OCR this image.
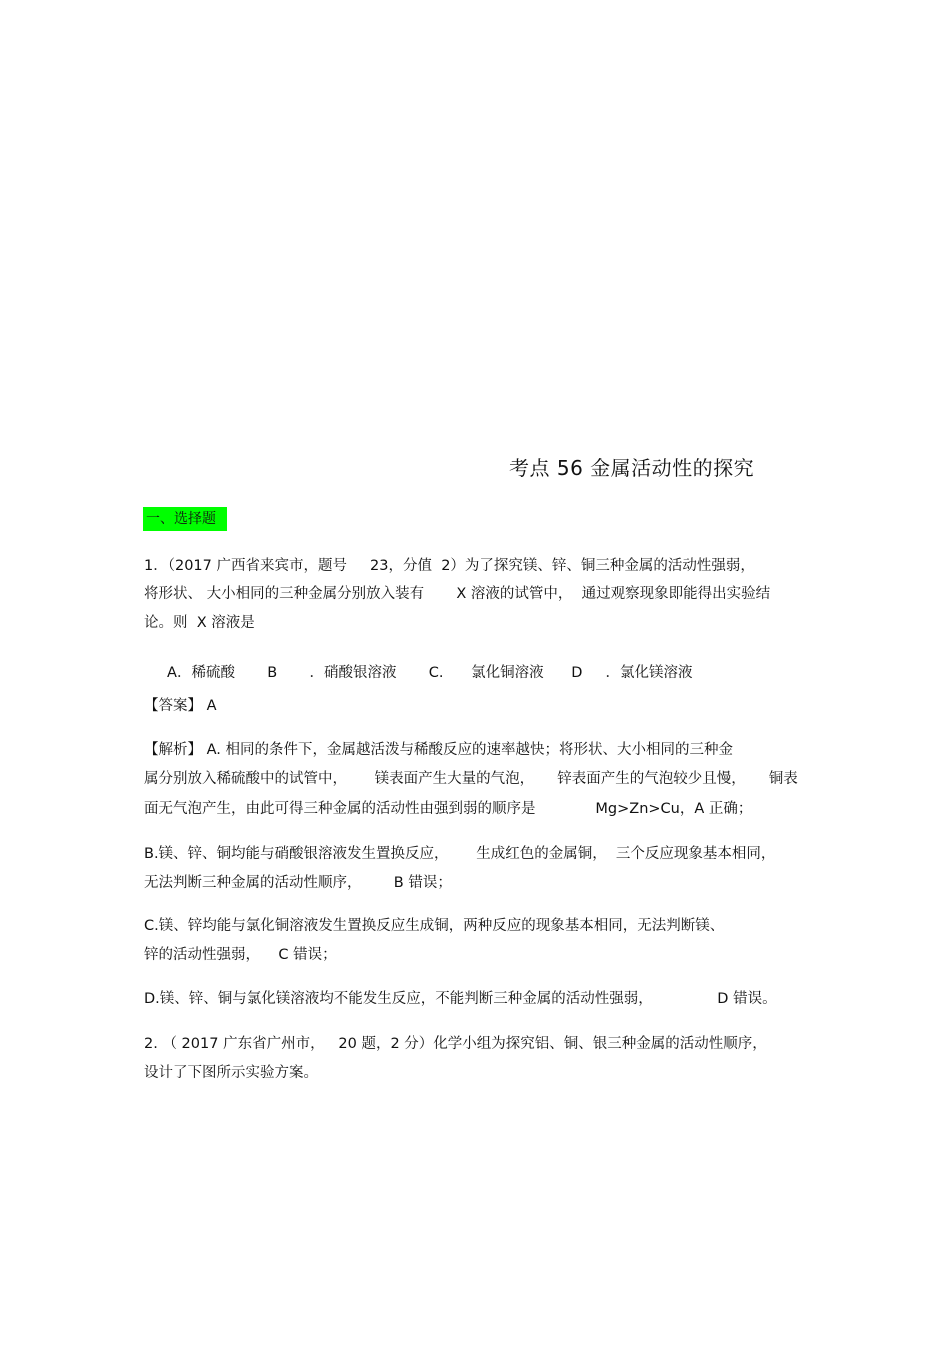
考点 56 金属活动性的探究
一、选择题
1．（2017 广西省来宾市，题号     23，分值  2）为了探究镁、锌、铜三种金属的活动性强弱，
将形状、 大小相同的三种金属分别放入装有       X 溶液的试管中，  通过观察现象即能得出实验结
论。则  X 溶液是
A．稀硫酸       B       ．硝酸银溶液       C.      氯化铜溶液      D     ．氯化镁溶液
【答案】 A
【解析】 A. 相同的条件下，金属越活泼与稀酸反应的速率越快；将形状、大小相同的三种金
属分别放入稀硫酸中的试管中，      镁表面产生大量的气泡，     锌表面产生的气泡较少且慢，     铜表
面无气泡产生，由此可得三种金属的活动性由强到弱的顺序是             Mg>Zn>Cu，A 正确；
B.镁、锌、铜均能与硝酸银溶液发生置换反应，      生成红色的金属铜，  三个反应现象基本相同，
无法判断三种金属的活动性顺序，       B 错误；
C.镁、锌均能与氯化铜溶液发生置换反应生成铜，两种反应的现象基本相同，无法判断镁、
锌的活动性强弱，    C 错误；
D.镁、锌、铜与氯化镁溶液均不能发生反应，不能判断三种金属的活动性强弱，              D 错误。
2. （ 2017 广东省广州市，   20 题，2 分）化学小组为探究铝、铜、银三种金属的活动性顺序，
设计了下图所示实验方案。
